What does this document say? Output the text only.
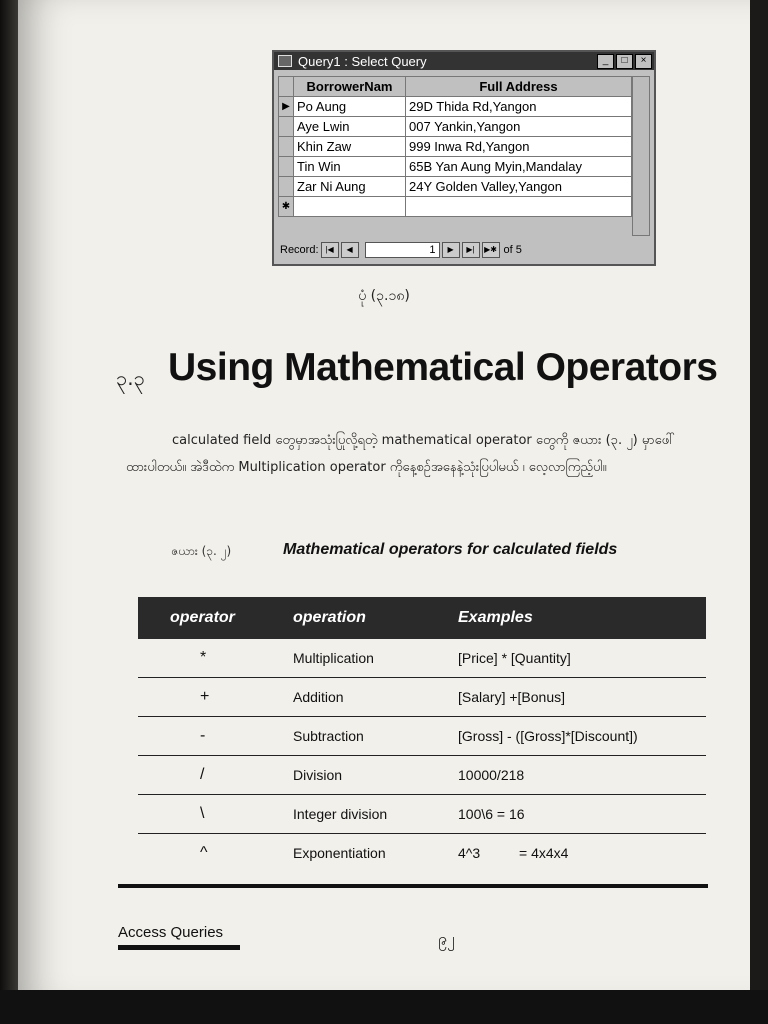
Query1 : Select Query	_	□	×
	BorrowerNam	Full Address
▶	Po Aung	29D Thida Rd,Yangon
	Aye Lwin	007 Yankin,Yangon
	Khin Zaw	999 Inwa Rd,Yangon
	Tin Win	65B Yan Aung Myin,Mandalay
	Zar Ni Aung	24Y Golden Valley,Yangon
✱		
Record: |◀	◀	1	▶	▶|	▶✱ of 5
ပုံ (၃.၁၈)
၃.၃ Using Mathematical Operators
calculated field တွေမှာအသုံးပြုလို့ရတဲ့ mathematical operator တွေကို ဇယား (၃. ၂) မှာဖေါ်
ထားပါတယ်။ အဲဒီထဲက Multiplication operator ကိုနေ့စဉ်အနေနဲ့သုံးပြပါမယ် ၊ လေ့လာကြည့်ပါ။
ဇယား (၃. ၂)	Mathematical operators for calculated fields
operator	operation	Examples
*	Multiplication	[Price] * [Quantity]
+	Addition	[Salary] +[Bonus]
-	Subtraction	[Gross] - ([Gross]*[Discount])
/	Division	10000/218
\	Integer division	100\6 = 16
^	Exponentiation	4^3          = 4x4x4
Access Queries	၉၂
